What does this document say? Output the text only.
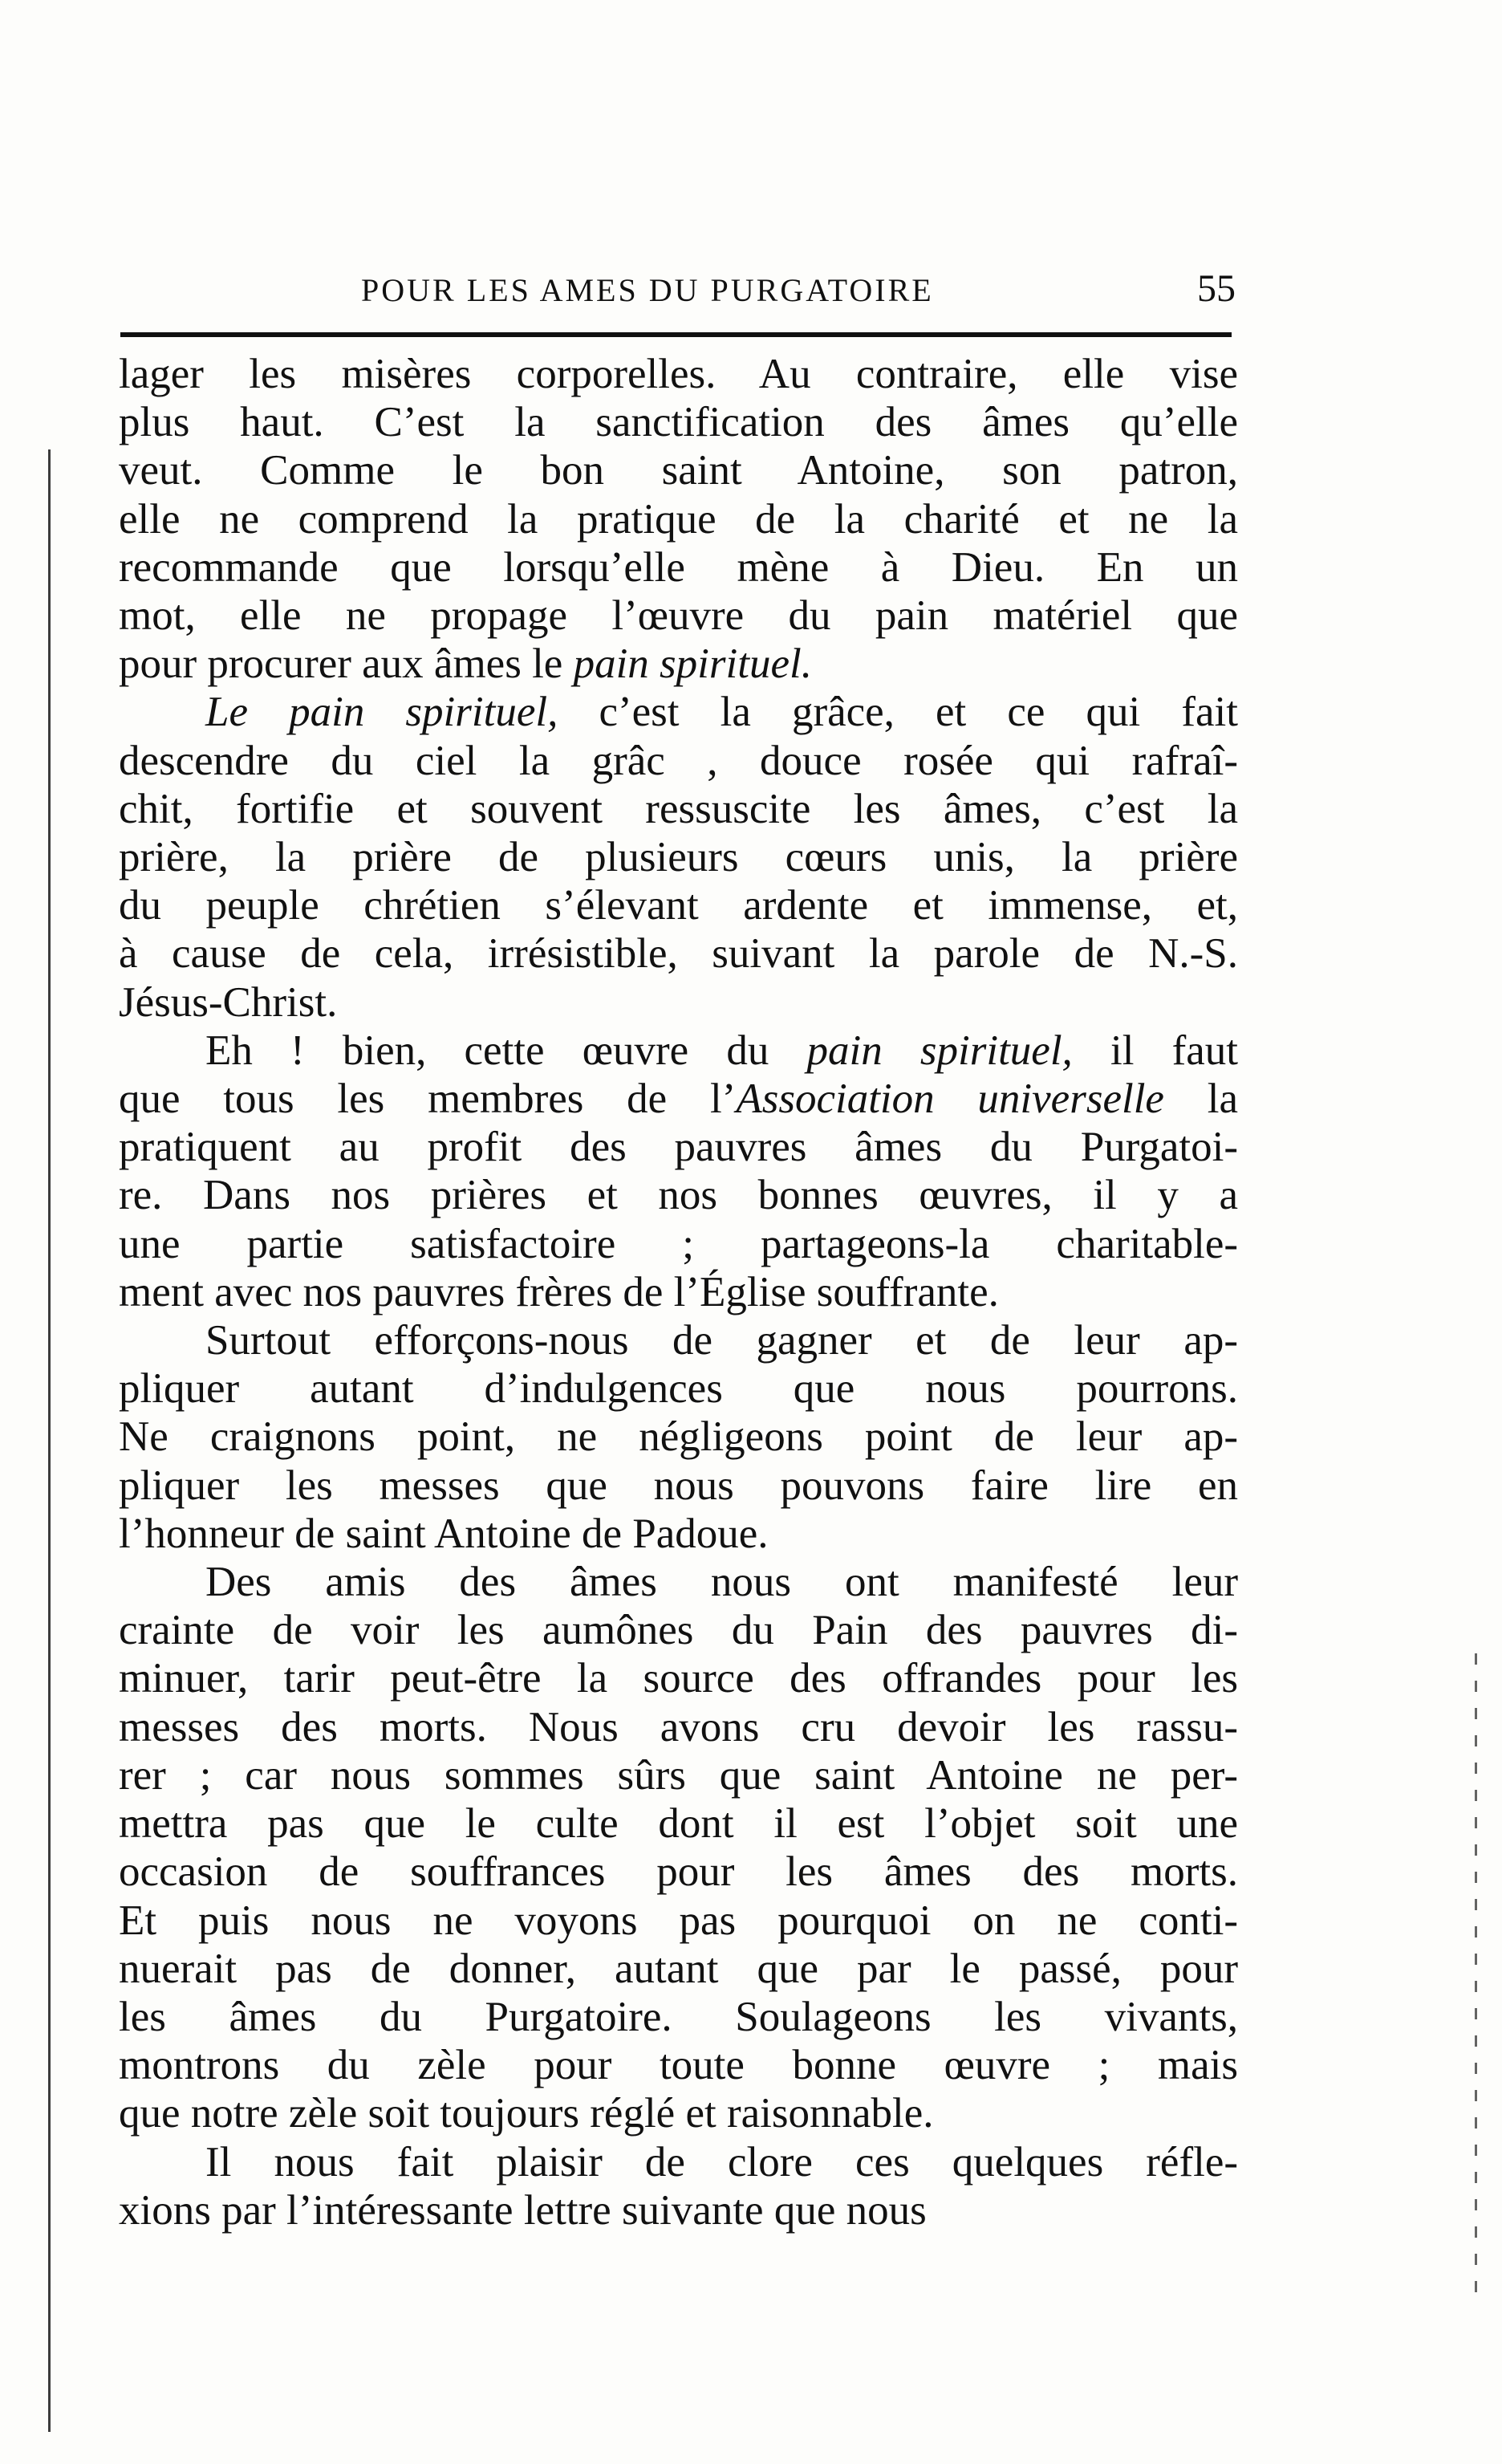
POUR LES AMES DU PURGATOIRE	55
lager les misères corporelles. Au contraire, elle vise
plus haut. C’est la sanctification des âmes qu’elle
veut. Comme le bon saint Antoine, son patron,
elle ne comprend la pratique de la charité et ne la
recommande que lorsqu’elle mène à Dieu. En un
mot, elle ne propage l’œuvre du pain matériel que
pour procurer aux âmes le pain spirituel.
Le pain spirituel, c’est la grâce, et ce qui fait
descendre du ciel la grâc , douce rosée qui rafraî-
chit, fortifie et souvent ressuscite les âmes, c’est la
prière, la prière de plusieurs cœurs unis, la prière
du peuple chrétien s’élevant ardente et immense, et,
à cause de cela, irrésistible, suivant la parole de N.-S.
Jésus-Christ.
Eh ! bien, cette œuvre du pain spirituel, il faut
que tous les membres de l’Association universelle la
pratiquent au profit des pauvres âmes du Purgatoi-
re. Dans nos prières et nos bonnes œuvres, il y a
une partie satisfactoire ; partageons-la charitable-
ment avec nos pauvres frères de l’Église souffrante.
Surtout efforçons-nous de gagner et de leur ap-
pliquer autant d’indulgences que nous pourrons.
Ne craignons point, ne négligeons point de leur ap-
pliquer les messes que nous pouvons faire lire en
l’honneur de saint Antoine de Padoue.
Des amis des âmes nous ont manifesté leur
crainte de voir les aumônes du Pain des pauvres di-
minuer, tarir peut-être la source des offrandes pour les
messes des morts. Nous avons cru devoir les rassu-
rer ; car nous sommes sûrs que saint Antoine ne per-
mettra pas que le culte dont il est l’objet soit une
occasion de souffrances pour les âmes des morts.
Et puis nous ne voyons pas pourquoi on ne conti-
nuerait pas de donner, autant que par le passé, pour
les âmes du Purgatoire. Soulageons les vivants,
montrons du zèle pour toute bonne œuvre ; mais
que notre zèle soit toujours réglé et raisonnable.
Il nous fait plaisir de clore ces quelques réfle-
xions par l’intéressante lettre suivante que nous
